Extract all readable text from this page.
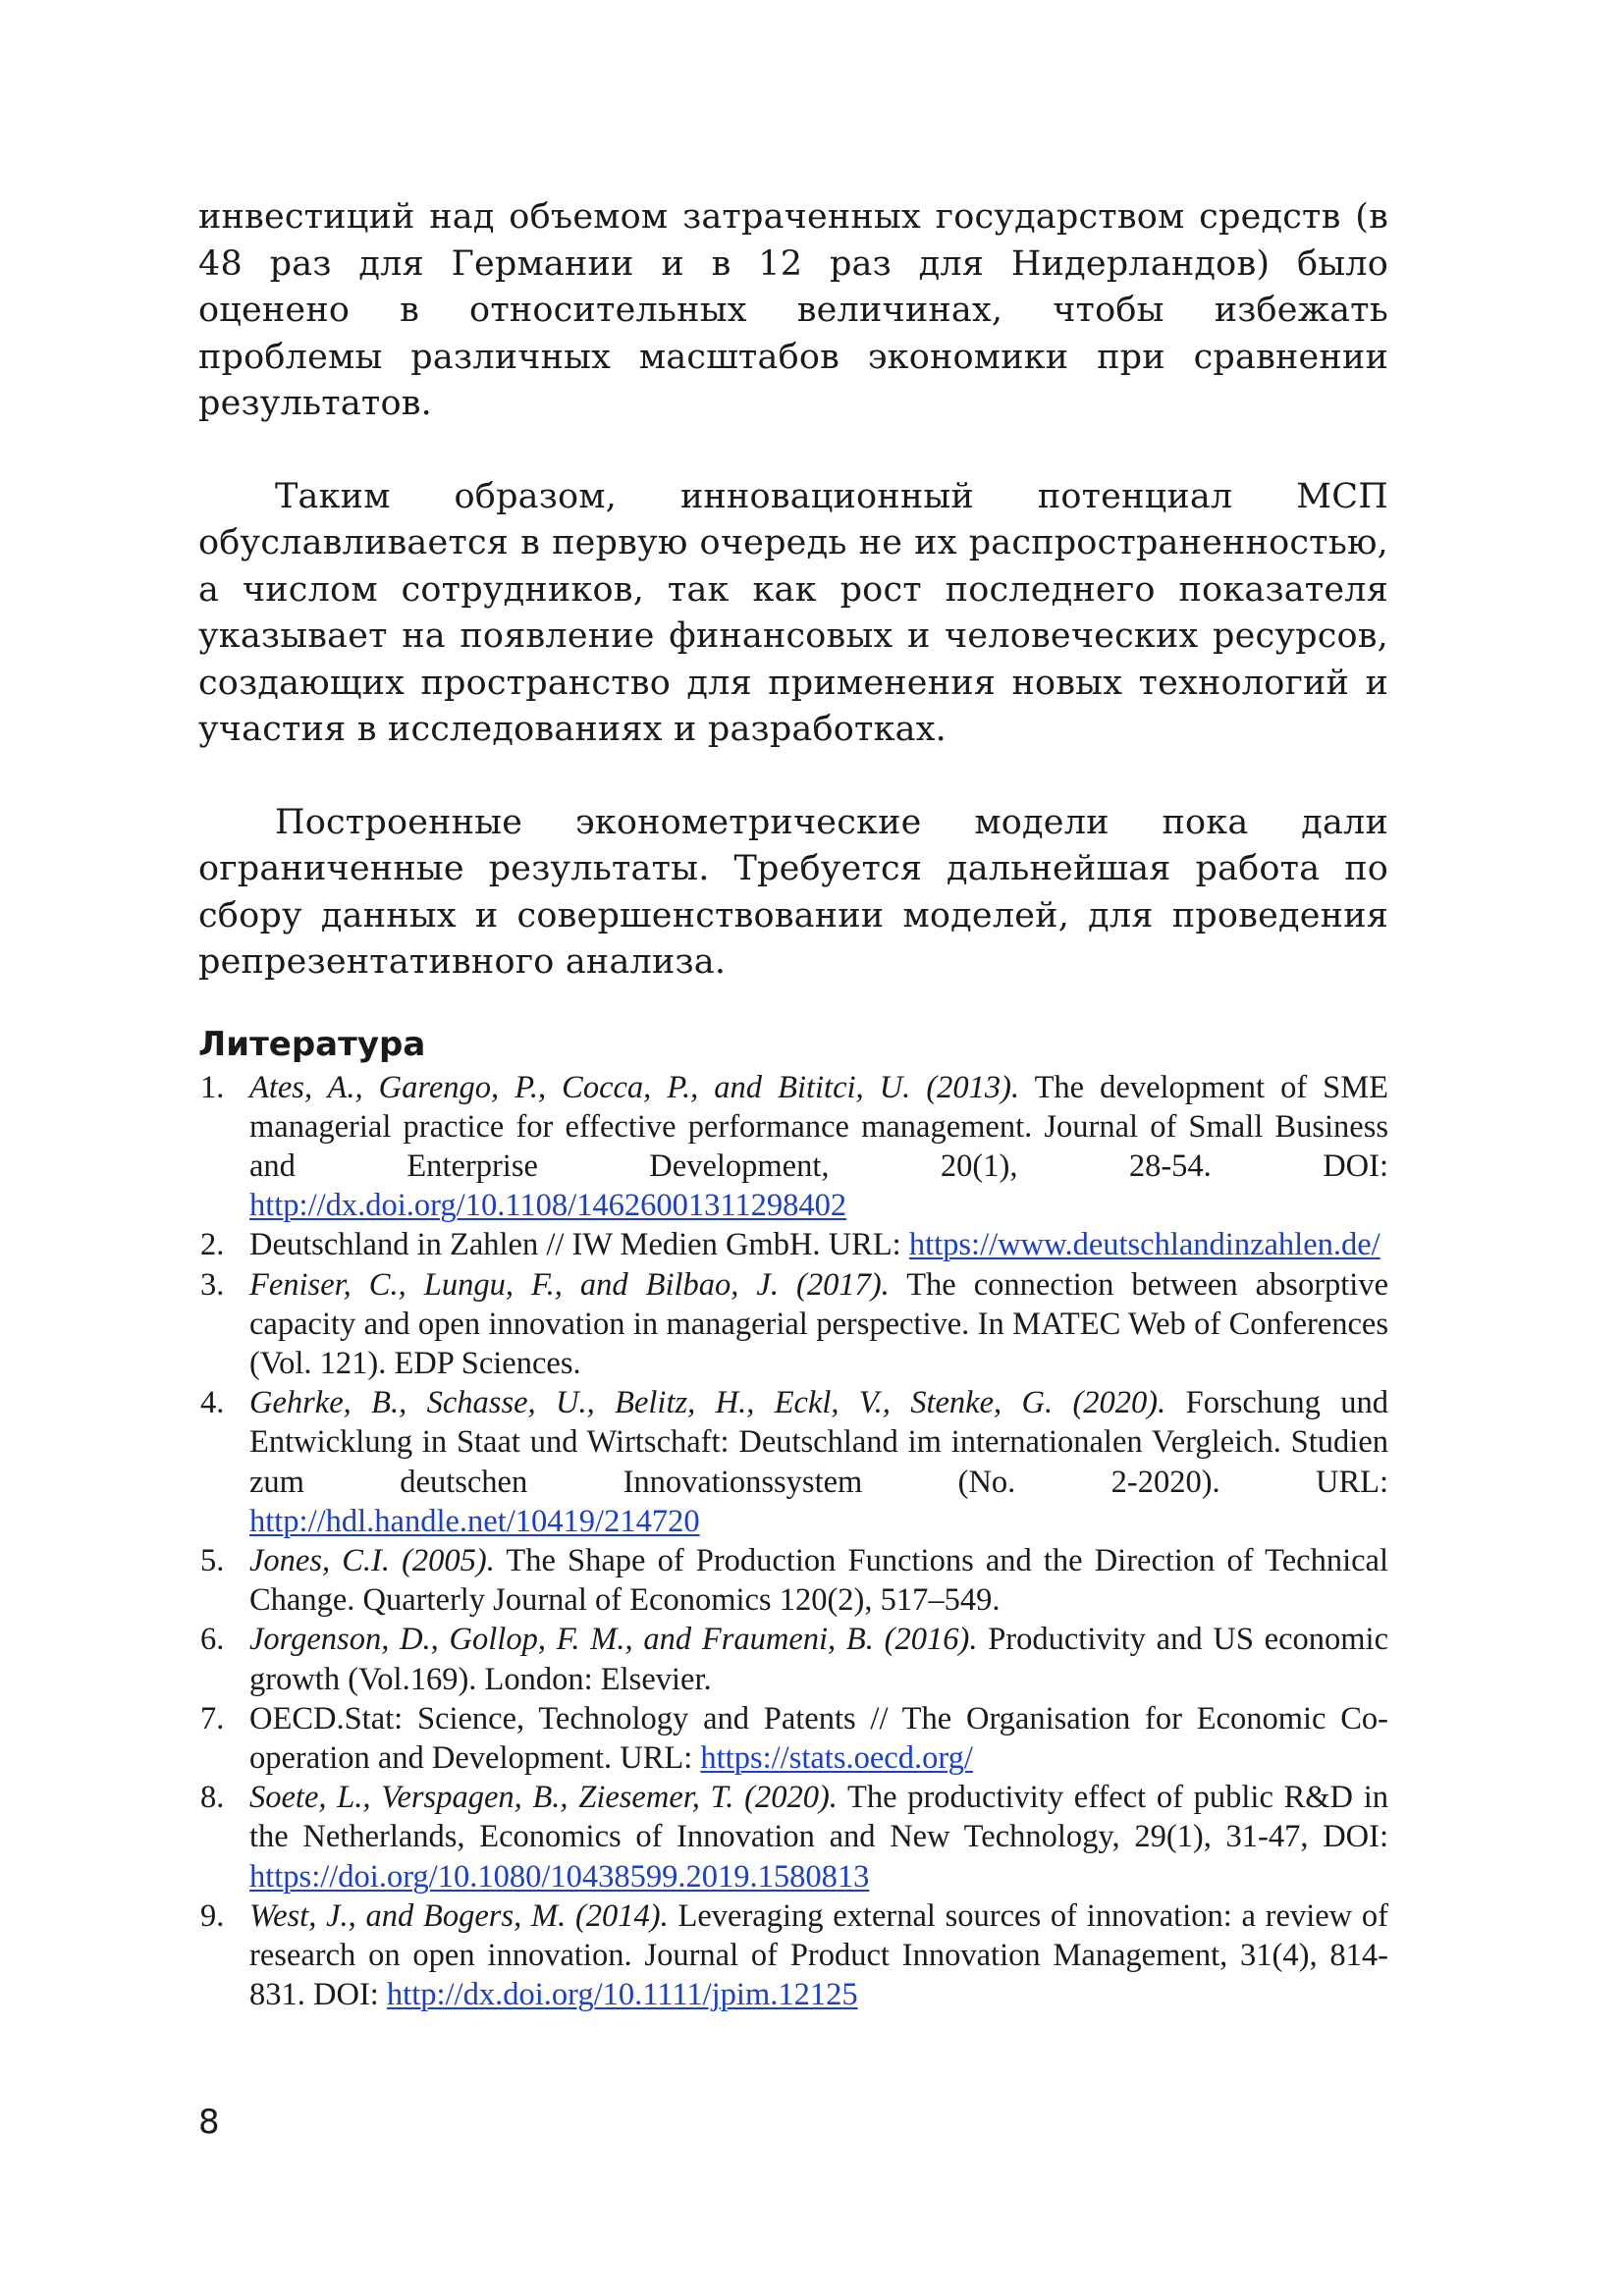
инвестиций над объемом затраченных государством средств (в 48 раз для Германии и в 12 раз для Нидерландов) было оценено в относительных величинах, чтобы избежать проблемы различных масштабов экономики при сравнении результатов.

Таким образом, инновационный потенциал МСП обуславливается в первую очередь не их распространенностью, а числом сотрудников, так как рост последнего показателя указывает на появление финансовых и человеческих ресурсов, создающих пространство для применения новых технологий и участия в исследованиях и разработках.

Построенные эконометрические модели пока дали ограниченные результаты. Требуется дальнейшая работа по сбору данных и совершенствовании моделей, для проведения репрезентативного анализа.

Литература
1. Ates, A., Garengo, P., Cocca, P., and Bititci, U. (2013). The development of SME managerial practice for effective performance management. Journal of Small Business and Enterprise Development, 20(1), 28-54. DOI: http://dx.doi.org/10.1108/14626001311298402
2. Deutschland in Zahlen // IW Medien GmbH. URL: https://www.deutschlandinzahlen.de/
3. Feniser, C., Lungu, F., and Bilbao, J. (2017). The connection between absorptive capacity and open innovation in managerial perspective. In MATEC Web of Conferences (Vol. 121). EDP Sciences.
4. Gehrke, B., Schasse, U., Belitz, H., Eckl, V., Stenke, G. (2020). Forschung und Entwicklung in Staat und Wirtschaft: Deutschland im internationalen Vergleich. Studien zum deutschen Innovationssystem (No. 2-2020). URL: http://hdl.handle.net/10419/214720
5. Jones, C.I. (2005). The Shape of Production Functions and the Direction of Technical Change. Quarterly Journal of Economics 120(2), 517–549.
6. Jorgenson, D., Gollop, F. M., and Fraumeni, B. (2016). Productivity and US economic growth (Vol.169). London: Elsevier.
7. OECD.Stat: Science, Technology and Patents // The Organisation for Economic Co-operation and Development. URL: https://stats.oecd.org/
8. Soete, L., Verspagen, B., Ziesemer, T. (2020). The productivity effect of public R&D in the Netherlands, Economics of Innovation and New Technology, 29(1), 31-47, DOI: https://doi.org/10.1080/10438599.2019.1580813
9. West, J., and Bogers, M. (2014). Leveraging external sources of innovation: a review of research on open innovation. Journal of Product Innovation Management, 31(4), 814-831. DOI: http://dx.doi.org/10.1111/jpim.12125
8
